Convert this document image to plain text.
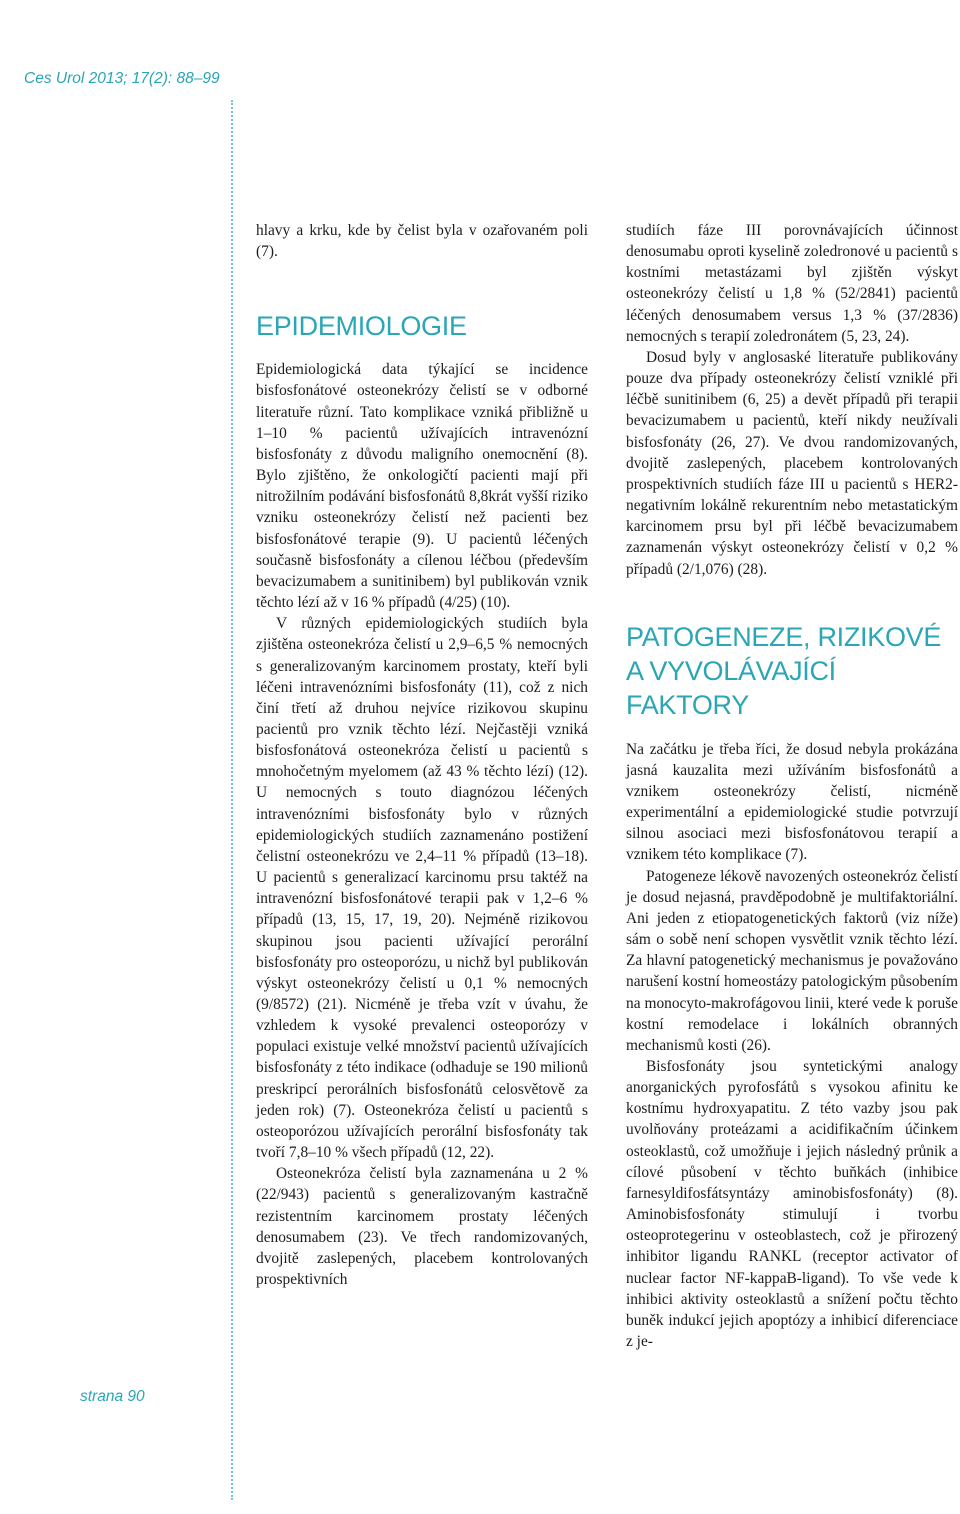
Ces Urol 2013; 17(2): 88–99
strana 90

hlavy a krku, kde by čelist byla v ozařovaném poli (7).

EPIDEMIOLOGIE

Epidemiologická data týkající se incidence bisfosfonátové osteonekrózy čelistí se v odborné literatuře různí. Tato komplikace vzniká přibližně u 1–10 % pacientů užívajících intravenózní bisfosfonáty z důvodu maligního onemocnění (8). Bylo zjištěno, že onkologičtí pacienti mají při nitrožilním podávání bisfosfonátů 8,8krát vyšší riziko vzniku osteonekrózy čelistí než pacienti bez bisfosfonátové terapie (9). U pacientů léčených současně bisfosfonáty a cílenou léčbou (především bevacizumabem a sunitinibem) byl publikován vznik těchto lézí až v 16 % případů (4/25) (10).

V různých epidemiologických studiích byla zjištěna osteonekróza čelistí u 2,9–6,5 % nemocných s generalizovaným karcinomem prostaty, kteří byli léčeni intravenózními bisfosfonáty (11), což z nich činí třetí až druhou nejvíce rizikovou skupinu pacientů pro vznik těchto lézí. Nejčastěji vzniká bisfosfonátová osteonekróza čelistí u pacientů s mnohočetným myelomem (až 43 % těchto lézí) (12). U nemocných s touto diagnózou léčených intravenózními bisfosfonáty bylo v různých epidemiologických studiích zaznamenáno postižení čelistní osteonekrózu ve 2,4–11 % případů (13–18). U pacientů s generalizací karcinomu prsu taktéž na intravenózní bisfosfonátové terapii pak v 1,2–6 % případů (13, 15, 17, 19, 20). Nejméně rizikovou skupinou jsou pacienti užívající perorální bisfosfonáty pro osteoporózu, u nichž byl publikován výskyt osteonekrózy čelistí u 0,1 % nemocných (9/8572) (21). Nicméně je třeba vzít v úvahu, že vzhledem k vysoké prevalenci osteoporózy v populaci existuje velké množství pacientů užívajících bisfosfonáty z této indikace (odhaduje se 190 milionů preskripcí perorálních bisfosfonátů celosvětově za jeden rok) (7). Osteonekróza čelistí u pacientů s osteoporózou užívajících perorální bisfosfonáty tak tvoří 7,8–10 % všech případů (12, 22).

Osteonekróza čelistí byla zaznamenána u 2 % (22/943) pacientů s generalizovaným kastračně rezistentním karcinomem prostaty léčených denosumabem (23). Ve třech randomizovaných, dvojitě zaslepených, placebem kontrolovaných prospektivních

studiích fáze III porovnávajících účinnost denosumabu oproti kyselině zoledronové u pacientů s kostními metastázami byl zjištěn výskyt osteonekrózy čelistí u 1,8 % (52/2841) pacientů léčených denosumabem versus 1,3 % (37/2836) nemocných s terapií zoledronátem (5, 23, 24).

Dosud byly v anglosaské literatuře publikovány pouze dva případy osteonekrózy čelistí vzniklé při léčbě sunitinibem (6, 25) a devět případů při terapii bevacizumabem u pacientů, kteří nikdy neužívali bisfosfonáty (26, 27). Ve dvou randomizovaných, dvojitě zaslepených, placebem kontrolovaných prospektivních studiích fáze III u pacientů s HER2-negativním lokálně rekurentním nebo metastatickým karcinomem prsu byl při léčbě bevacizumabem zaznamenán výskyt osteonekrózy čelistí v 0,2 % případů (2/1,076) (28).

PATOGENEZE, RIZIKOVÉ
A VYVOLÁVAJÍCÍ FAKTORY

Na začátku je třeba říci, že dosud nebyla prokázána jasná kauzalita mezi užíváním bisfosfonátů a vznikem osteonekrózy čelistí, nicméně experimentální a epidemiologické studie potvrzují silnou asociaci mezi bisfosfonátovou terapií a vznikem této komplikace (7).

Patogeneze lékově navozených osteonekróz čelistí je dosud nejasná, pravděpodobně je multifaktoriální. Ani jeden z etiopatogenetických faktorů (viz níže) sám o sobě není schopen vysvětlit vznik těchto lézí. Za hlavní patogenetický mechanismus je považováno narušení kostní homeostázy patologickým působením na monocyto-makrofágovou linii, které vede k poruše kostní remodelace i lokálních obranných mechanismů kosti (26).

Bisfosfonáty jsou syntetickými analogy anorganických pyrofosfátů s vysokou afinitu ke kostnímu hydroxyapatitu. Z této vazby jsou pak uvolňovány proteázami a acidifikačním účinkem osteoklastů, což umožňuje i jejich následný průnik a cílové působení v těchto buňkách (inhibice farnesyldifosfátsyntázy aminobisfosfonáty) (8). Aminobisfosfonáty stimulují i tvorbu osteoprotegerinu v osteoblastech, což je přirozený inhibitor ligandu RANKL (receptor activator of nuclear factor NF-kappaB-ligand). To vše vede k inhibici aktivity osteoklastů a snížení počtu těchto buněk indukcí jejich apoptózy a inhibicí diferenciace z je-
